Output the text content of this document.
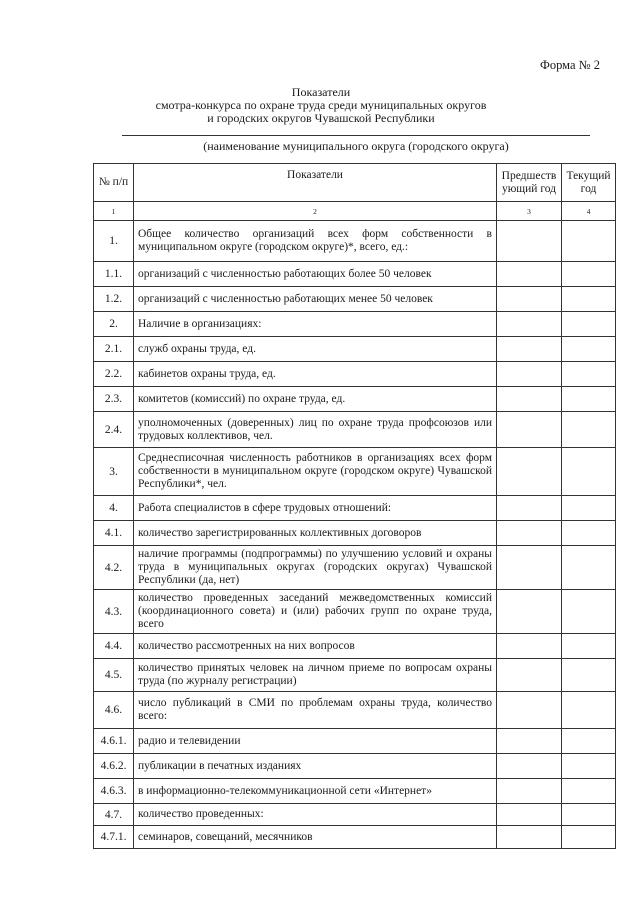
Форма № 2
Показатели
смотра-конкурса по охране труда среди муниципальных округов
и городских округов Чувашской Республики
(наименование муниципального округа (городского округа)
№ п/п	Показатели	Предшеств ующий год	Текущий год
1	2	3	4
1.	Общее количество организаций всех форм собственности в муниципальном округе (городском округе)*, всего, ед.:		
1.1.	организаций с численностью работающих более 50 человек		
1.2.	организаций с численностью работающих менее 50 человек		
2.	Наличие в организациях:		
2.1.	служб охраны труда, ед.		
2.2.	кабинетов охраны труда, ед.		
2.3.	комитетов (комиссий) по охране труда, ед.		
2.4.	уполномоченных (доверенных) лиц по охране труда профсоюзов или трудовых коллективов, чел.		
3.	Среднесписочная численность работников в организациях всех форм собственности в муниципальном округе (городском округе) Чувашской Республики*, чел.		
4.	Работа специалистов в сфере трудовых отношений:		
4.1.	количество зарегистрированных коллективных договоров		
4.2.	наличие программы (подпрограммы) по улучшению условий и охраны труда в муниципальных округах (городских округах) Чувашской Республики (да, нет)		
4.3.	количество проведенных заседаний межведомственных комиссий (координационного совета) и (или) рабочих групп по охране труда, всего		
4.4.	количество рассмотренных на них вопросов		
4.5.	количество принятых человек на личном приеме по вопросам охраны труда (по журналу регистрации)		
4.6.	число публикаций в СМИ по проблемам охраны труда, количество всего:		
4.6.1.	радио и телевидении		
4.6.2.	публикации в печатных изданиях		
4.6.3.	в информационно-телекоммуникационной сети «Интернет»		
4.7.	количество проведенных:		
4.7.1.	семинаров, совещаний, месячников		
